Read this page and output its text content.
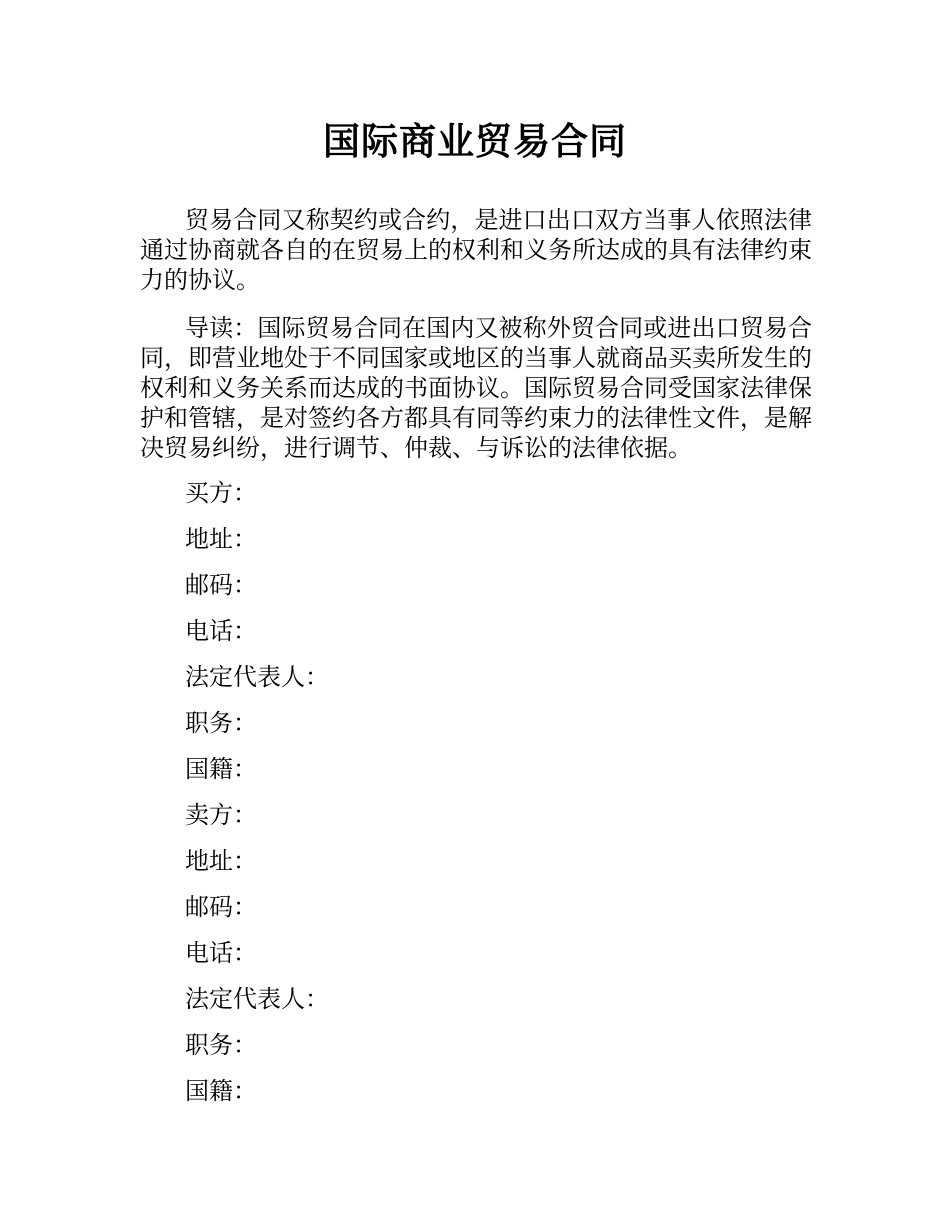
国际商业贸易合同

贸易合同又称契约或合约，是进口出口双方当事人依照法律通过协商就各自的在贸易上的权利和义务所达成的具有法律约束力的协议。

导读：国际贸易合同在国内又被称外贸合同或进出口贸易合同，即营业地处于不同国家或地区的当事人就商品买卖所发生的权利和义务关系而达成的书面协议。国际贸易合同受国家法律保护和管辖，是对签约各方都具有同等约束力的法律性文件，是解决贸易纠纷，进行调节、仲裁、与诉讼的法律依据。

买方：
地址：
邮码：
电话：
法定代表人：
职务：
国籍：
卖方：
地址：
邮码：
电话：
法定代表人：
职务：
国籍：
